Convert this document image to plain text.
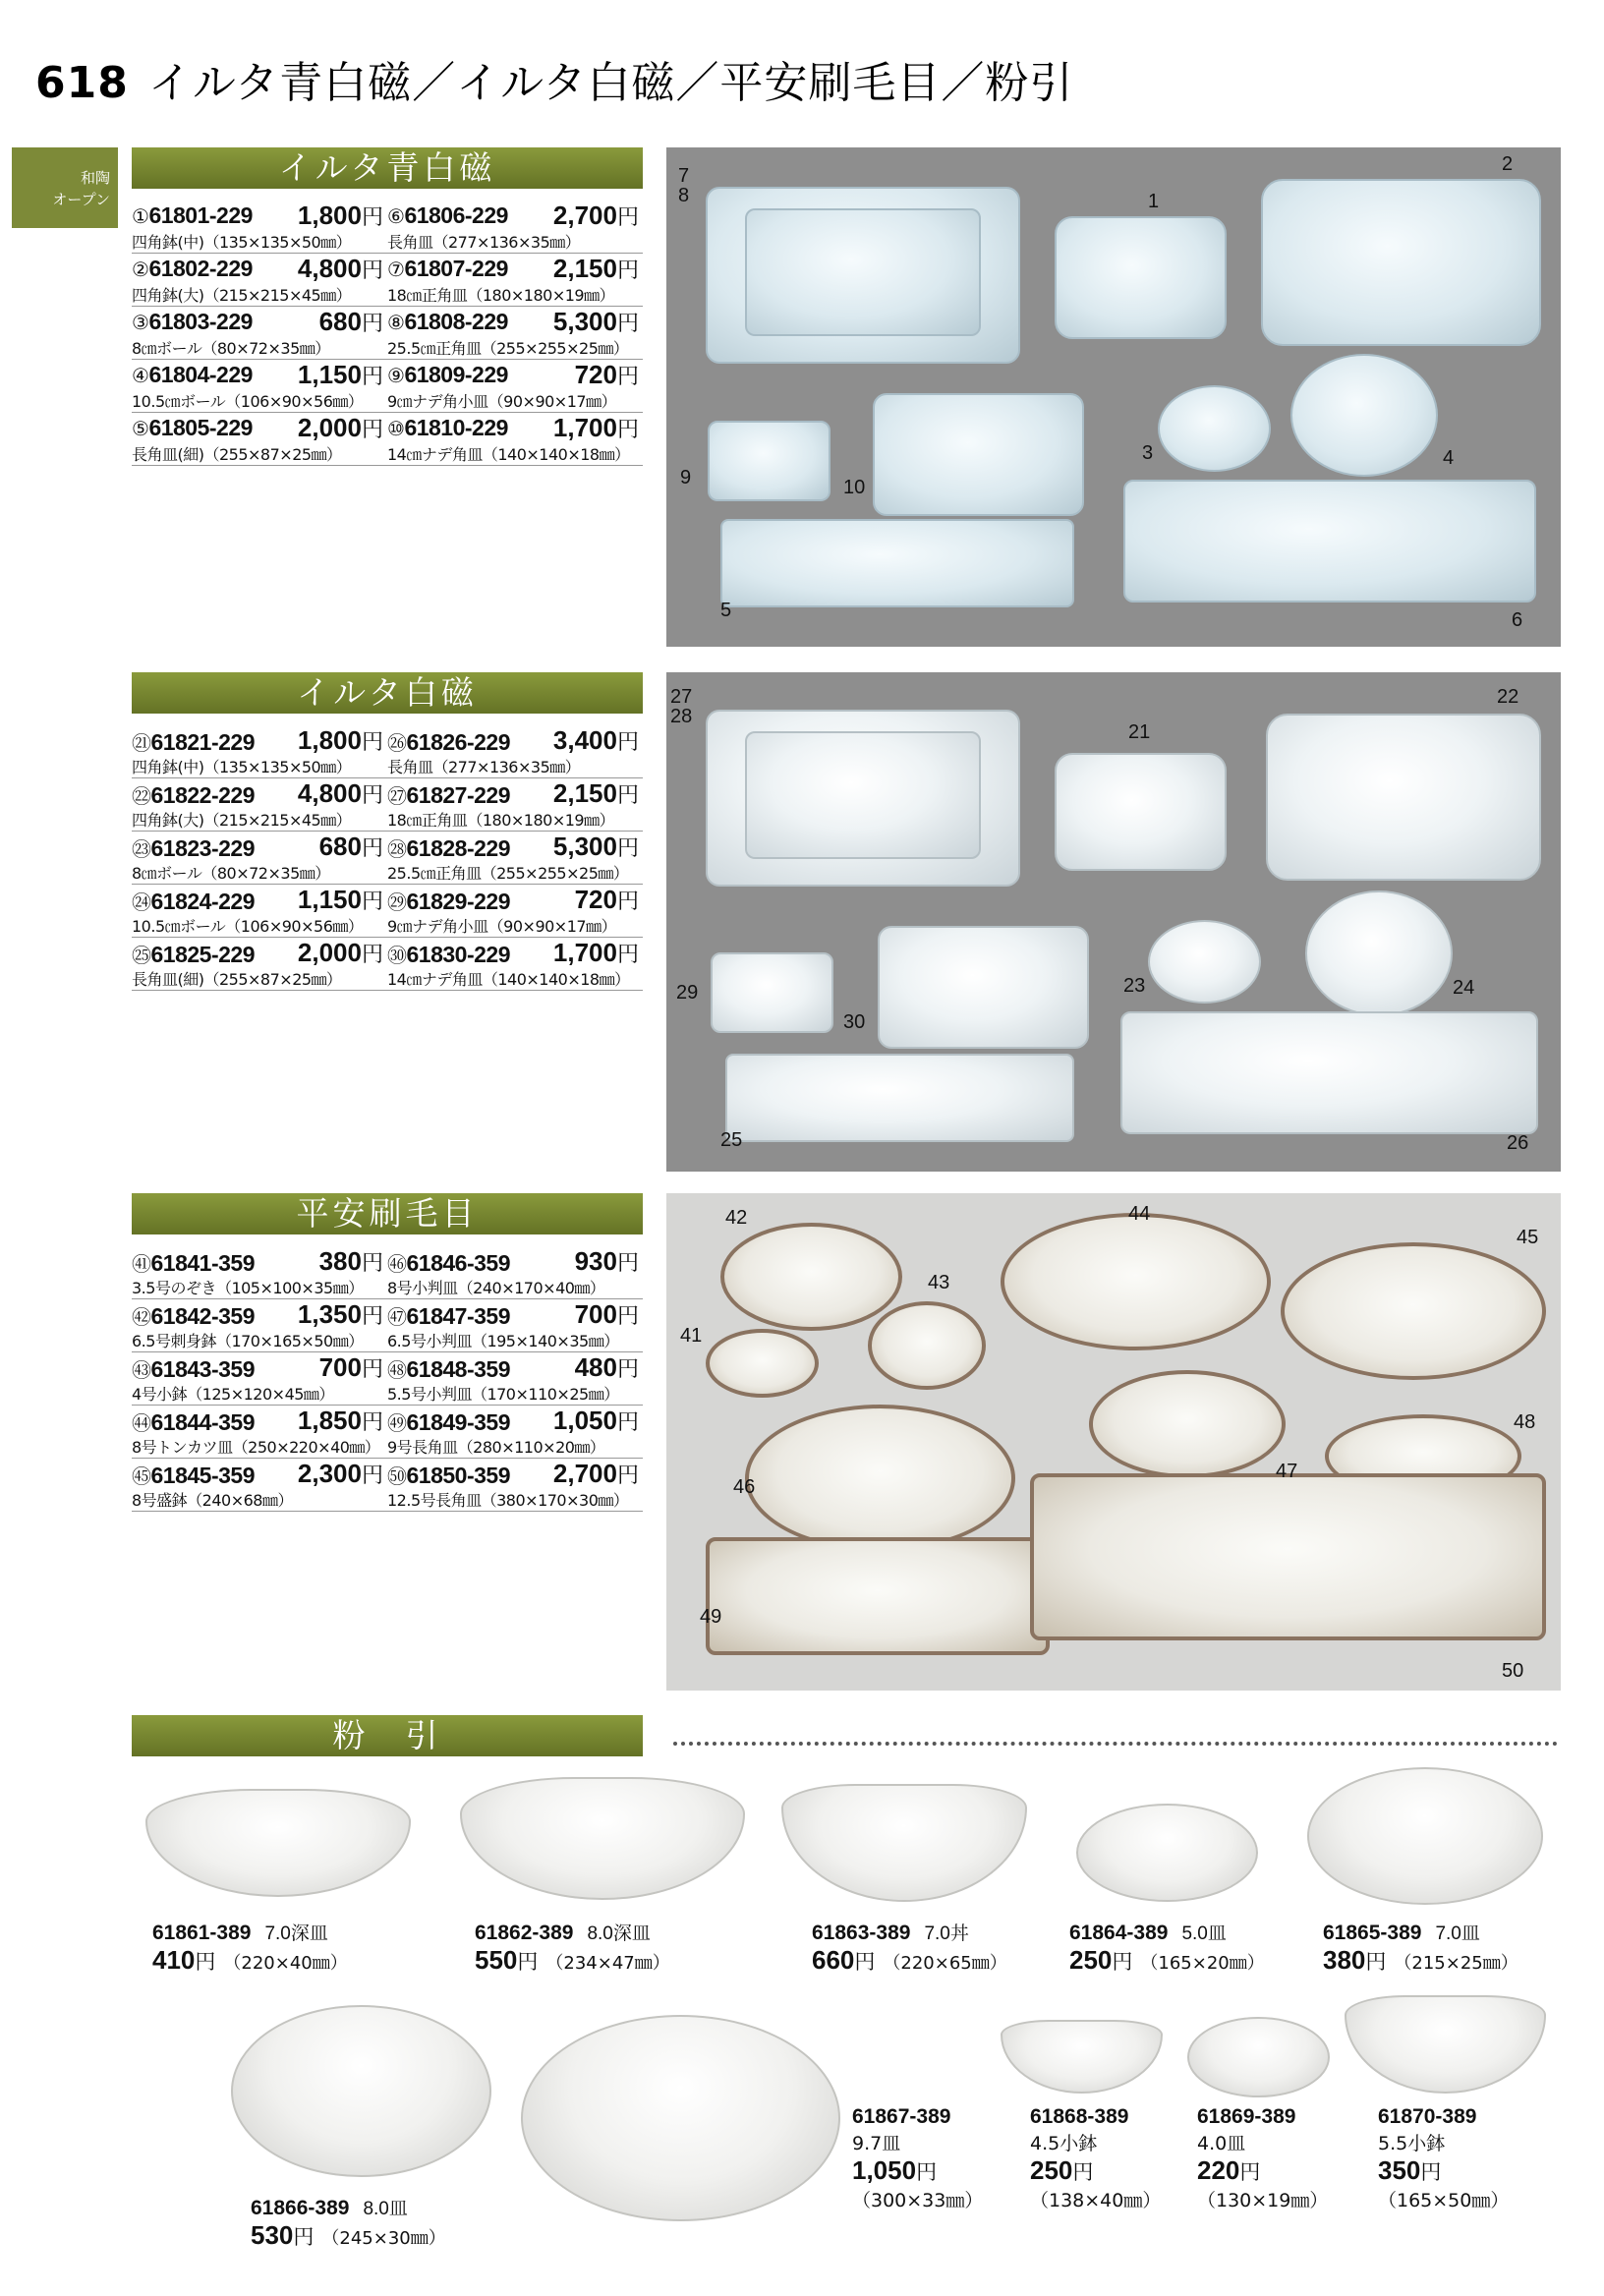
618 イルタ青白磁／イルタ白磁／平安刷毛目／粉引
和陶
オープン
イルタ青白磁
①61801-229 1,800円
四角鉢(中)（135×135×50㎜）
⑥61806-229 2,700円
長角皿（277×136×35㎜）
②61802-229 4,800円
四角鉢(大)（215×215×45㎜）
⑦61807-229 2,150円
18㎝正角皿（180×180×19㎜）
③61803-229	680円
8㎝ボール（80×72×35㎜）
⑧61808-229 5,300円
25.5㎝正角皿（255×255×25㎜）
④61804-229 1,150円
10.5㎝ボール（106×90×56㎜）
⑨61809-229	720円
9㎝ナデ角小皿（90×90×17㎜）
⑤61805-229 2,000円
長角皿(細)（255×87×25㎜）
⑩61810-229 1,700円
14㎝ナデ角皿（140×140×18㎜）
7
8	1
2
9	10
3	4
5	6
イルタ白磁
㉑61821-229 1,800円
四角鉢(中)（135×135×50㎜）
㉖61826-229 3,400円
長角皿（277×136×35㎜）
㉒61822-229 4,800円
四角鉢(大)（215×215×45㎜）
㉗61827-229 2,150円
18㎝正角皿（180×180×19㎜）
㉓61823-229	680円
8㎝ボール（80×72×35㎜）
㉘61828-229 5,300円
25.5㎝正角皿（255×255×25㎜）
㉔61824-229 1,150円
10.5㎝ボール（106×90×56㎜）
㉙61829-229	720円
9㎝ナデ角小皿（90×90×17㎜）
㉕61825-229 2,000円
長角皿(細)（255×87×25㎜）
㉚61830-229 1,700円
14㎝ナデ角皿（140×140×18㎜）
27
28
21
22
29
30
23	24
25	26
平安刷毛目
㊶61841-359	380円
3.5号のぞき（105×100×35㎜）
㊻61846-359	930円
8号小判皿（240×170×40㎜）
㊷61842-359 1,350円
6.5号刺身鉢（170×165×50㎜）
㊼61847-359	700円
6.5号小判皿（195×140×35㎜）
㊸61843-359	700円
4号小鉢（125×120×45㎜）
㊽61848-359	480円
5.5号小判皿（170×110×25㎜）
㊹61844-359 1,850円
8号トンカツ皿（250×220×40㎜）
㊾61849-359 1,050円
9号長角皿（280×110×20㎜）
㊺61845-359 2,300円
8号盛鉢（240×68㎜）
㊿61850-359 2,700円
12.5号長角皿（380×170×30㎜）
42	44
45
43
41
48
46
47
49
50
粉　引
61861-389 7.0深皿
410円 （220×40㎜）
61862-389 8.0深皿
550円 （234×47㎜）
61863-389 7.0丼
660円 （220×65㎜）
61864-389 5.0皿
250円 （165×20㎜）
61865-389 7.0皿
380円 （215×25㎜）
61866-389 8.0皿
530円 （245×30㎜）
61867-389
9.7皿
1,050円
（300×33㎜）
61868-389
4.5小鉢
250円
（138×40㎜）
61869-389
4.0皿
220円
（130×19㎜）
61870-389
5.5小鉢
350円
（165×50㎜）
